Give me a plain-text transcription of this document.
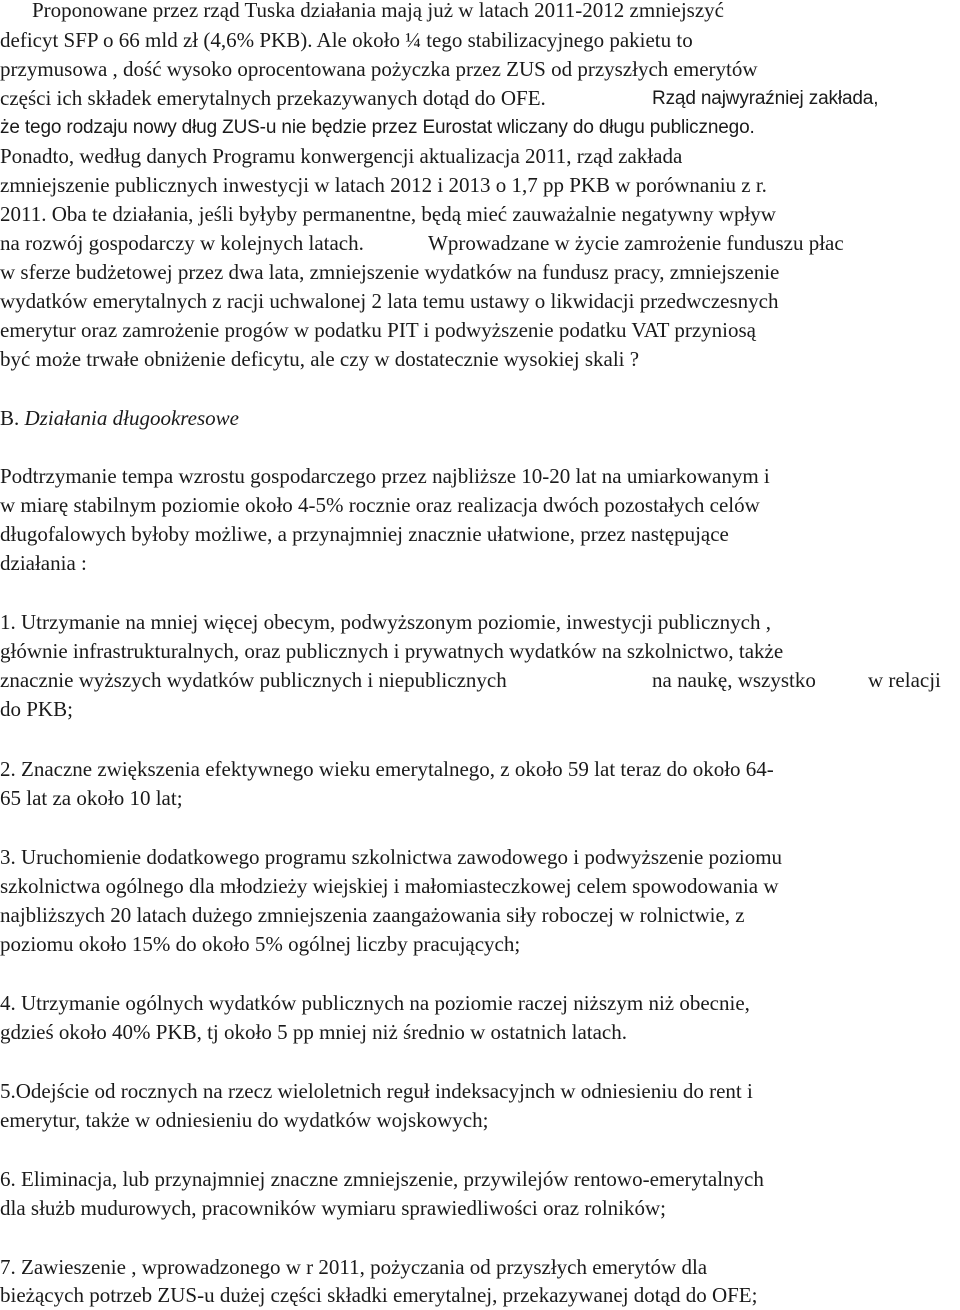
Proponowane przez rząd Tuska działania mają już w latach 2011-2012 zmniejszyć

deficyt SFP o 66 mld zł (4,6% PKB). Ale około ¼ tego stabilizacyjnego pakietu to

przymusowa , dość wysoko oprocentowana pożyczka przez ZUS od przyszłych emerytów

części ich składek emerytalnych przekazywanych dotąd do OFE.	Rząd najwyraźniej zakłada,

że tego rodzaju nowy dług ZUS-u nie będzie przez Eurostat wliczany do długu publicznego.

Ponadto, według danych Programu konwergencji aktualizacja 2011, rząd zakłada

zmniejszenie publicznych inwestycji w latach 2012 i 2013 o 1,7 pp PKB w porównaniu z r.

2011. Oba te działania, jeśli byłyby permanentne, będą mieć zauważalnie negatywny wpływ

na rozwój gospodarczy w kolejnych latach.	Wprowadzane w życie zamrożenie funduszu płac

w sferze budżetowej przez dwa lata, zmniejszenie wydatków na fundusz pracy, zmniejszenie

wydatków emerytalnych z racji uchwalonej 2 lata temu ustawy o likwidacji przedwczesnych

emerytur oraz zamrożenie progów w podatku PIT i podwyższenie podatku VAT przyniosą

być może trwałe obniżenie deficytu, ale czy w dostatecznie wysokiej skali ?

B. Działania długookresowe

Podtrzymanie tempa wzrostu gospodarczego przez najbliższe 10-20 lat na umiarkowanym i

w miarę stabilnym poziomie około 4-5% rocznie oraz realizacja dwóch pozostałych celów

długofalowych byłoby możliwe, a przynajmniej znacznie ułatwione, przez następujące

działania :

1. Utrzymanie na mniej więcej obecym, podwyższonym poziomie, inwestycji publicznych ,

głównie infrastrukturalnych, oraz publicznych i prywatnych wydatków na szkolnictwo, także

znacznie wyższych wydatków publicznych i niepublicznych	na naukę, wszystko w relacji

do PKB;

2. Znaczne zwiększenia efektywnego wieku emerytalnego, z około 59 lat teraz do około 64-

65 lat za około 10 lat;

3. Uruchomienie dodatkowego programu szkolnictwa zawodowego i podwyższenie poziomu

szkolnictwa ogólnego dla młodzieży wiejskiej i małomiasteczkowej celem spowodowania w

najbliższych 20 latach dużego zmniejszenia zaangażowania siły roboczej w rolnictwie, z

poziomu około 15% do około 5% ogólnej liczby pracujących;

4. Utrzymanie ogólnych wydatków publicznych na poziomie raczej niższym niż obecnie,

gdzieś około 40% PKB, tj około 5 pp mniej niż średnio w ostatnich latach.

5.Odejście od rocznych na rzecz wieloletnich reguł indeksacyjnch w odniesieniu do rent i

emerytur, także w odniesieniu do wydatków wojskowych;

6. Eliminacja, lub przynajmniej znaczne zmniejszenie, przywilejów rentowo-emerytalnych

dla służb mudurowych, pracowników wymiaru sprawiedliwości oraz rolników;

7. Zawieszenie , wprowadzonego w r 2011, pożyczania od przyszłych emerytów dla

bieżących potrzeb ZUS-u dużej części składki emerytalnej, przekazywanej dotąd do OFE;
